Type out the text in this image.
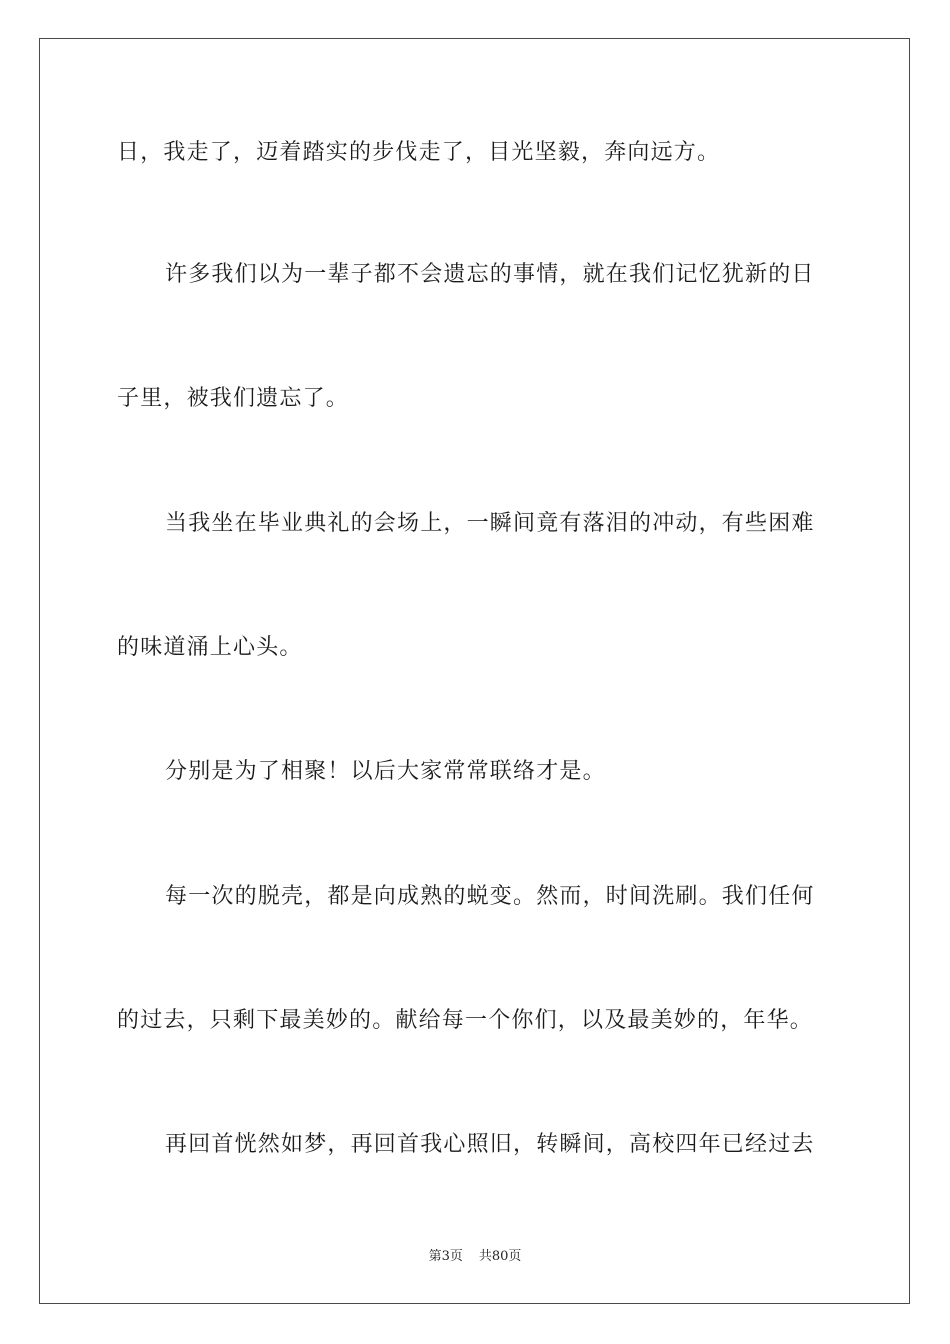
日，我走了，迈着踏实的步伐走了，目光坚毅，奔向远方。
许多我们以为一辈子都不会遗忘的事情，就在我们记忆犹新的日
子里，被我们遗忘了。
当我坐在毕业典礼的会场上，一瞬间竟有落泪的冲动，有些困难
的味道涌上心头。
分别是为了相聚！以后大家常常联络才是。
每一次的脱壳，都是向成熟的蜕变。然而，时间洗刷。我们任何
的过去，只剩下最美妙的。献给每一个你们，以及最美妙的，年华。
再回首恍然如梦，再回首我心照旧，转瞬间，高校四年已经过去
第3页 共80页
